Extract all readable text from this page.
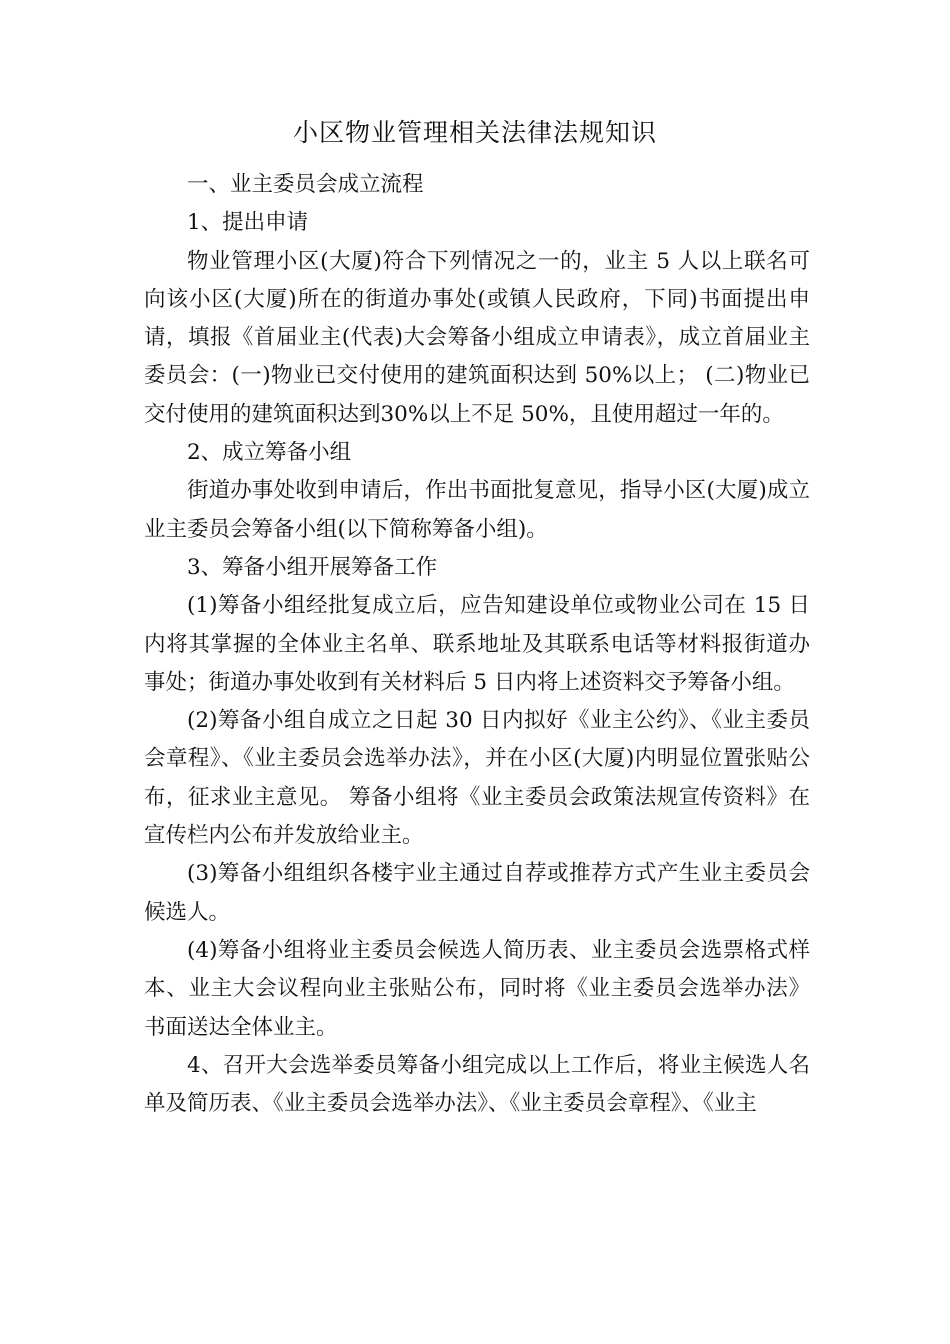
小区物业管理相关法律法规知识

一、业主委员会成立流程

1、提出申请

物业管理小区(大厦)符合下列情况之一的，业主 5 人以上联名可向该小区(大厦)所在的街道办事处(或镇人民政府，下同)书面提出申请，填报《首届业主(代表)大会筹备小组成立申请表》，成立首届业主委员会：(一)物业已交付使用的建筑面积达到 50%以上； (二)物业已交付使用的建筑面积达到30%以上不足 50%，且使用超过一年的。

2、成立筹备小组

街道办事处收到申请后，作出书面批复意见，指导小区(大厦)成立业主委员会筹备小组(以下简称筹备小组)。

3、筹备小组开展筹备工作

(1)筹备小组经批复成立后，应告知建设单位或物业公司在 15 日内将其掌握的全体业主名单、联系地址及其联系电话等材料报街道办事处；街道办事处收到有关材料后 5 日内将上述资料交予筹备小组。

(2)筹备小组自成立之日起 30 日内拟好《业主公约》、《业主委员会章程》、《业主委员会选举办法》，并在小区(大厦)内明显位置张贴公布，征求业主意见。 筹备小组将《业主委员会政策法规宣传资料》在宣传栏内公布并发放给业主。

(3)筹备小组组织各楼宇业主通过自荐或推荐方式产生业主委员会候选人。

(4)筹备小组将业主委员会候选人简历表、业主委员会选票格式样本、业主大会议程向业主张贴公布，同时将《业主委员会选举办法》书面送达全体业主。

4、召开大会选举委员筹备小组完成以上工作后，将业主候选人名单及简历表、《业主委员会选举办法》、《业主委员会章程》、《业主
